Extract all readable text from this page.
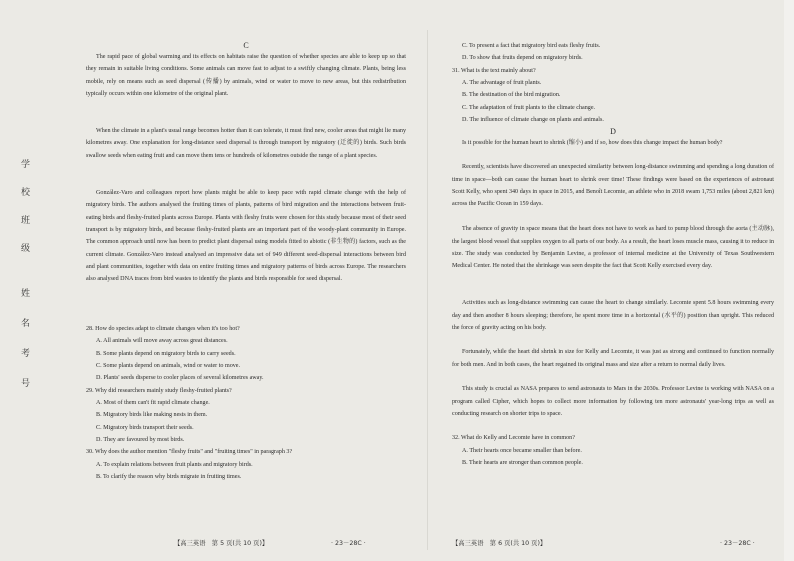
学
校
班
级
姓
名
考
号

C

The rapid pace of global warming and its effects on habitats raise the question of whether species are able to keep up so that they remain in suitable living conditions. Some animals can move fast to adjust to a swiftly changing climate. Plants, being less mobile, rely on means such as seed dispersal (传播) by animals, wind or water to move to new areas, but this redistribution typically occurs within one kilometre of the original plant.

When the climate in a plant's usual range becomes hotter than it can tolerate, it must find new, cooler areas that might lie many kilometres away. One explanation for long-distance seed dispersal is through transport by migratory (迁徙的) birds. Such birds swallow seeds when eating fruit and can move them tens or hundreds of kilometres outside the range of a plant species.

González-Varo and colleagues report how plants might be able to keep pace with rapid climate change with the help of migratory birds. The authors analysed the fruiting times of plants, patterns of bird migration and the interactions between fruit-eating birds and fleshy-fruited plants across Europe. Plants with fleshy fruits were chosen for this study because most of their seed transport is by migratory birds, and because fleshy-fruited plants are an important part of the woody-plant community in Europe. The common approach until now has been to predict plant dispersal using models fitted to abiotic (非生物的) factors, such as the current climate. González-Varo instead analysed an impressive data set of 949 different seed-dispersal interactions between bird and plant communities, together with data on entire fruiting times and migratory patterns of birds across Europe. The researchers also analysed DNA traces from bird wastes to identify the plants and birds responsible for seed dispersal.

28. How do species adapt to climate changes when it's too hot?

A. All animals will move away across great distances.

B. Some plants depend on migratory birds to carry seeds.

C. Some plants depend on animals, wind or water to move.

D. Plants' seeds disperse to cooler places of several kilometres away.

29. Why did researchers mainly study fleshy-fruited plants?

A. Most of them can't fit rapid climate change.

B. Migratory birds like making nests in them.

C. Migratory birds transport their seeds.

D. They are favoured by most birds.

30. Why does the author mention "fleshy fruits" and "fruiting times" in paragraph 3?

A. To explain relations between fruit plants and migratory birds.

B. To clarify the reason why birds migrate in fruiting times.

【高三英语　第 5 页(共 10 页)】	· 23－28C ·

C. To present a fact that migratory bird eats fleshy fruits.

D. To show that fruits depend on migratory birds.

31. What is the text mainly about?

A. The advantage of fruit plants.

B. The destination of the bird migration.

C. The adaptation of fruit plants to the climate change.

D. The influence of climate change on plants and animals.

D

Is it possible for the human heart to shrink (缩小) and if so, how does this change impact the human body?

Recently, scientists have discovered an unexpected similarity between long-distance swimming and spending a long duration of time in space—both can cause the human heart to shrink over time! These findings were based on the experiences of astronaut Scott Kelly, who spent 340 days in space in 2015, and Benoît Lecomte, an athlete who in 2018 swam 1,753 miles (about 2,821 km) across the Pacific Ocean in 159 days.

The absence of gravity in space means that the heart does not have to work as hard to pump blood through the aorta (主动脉), the largest blood vessel that supplies oxygen to all parts of our body. As a result, the heart loses muscle mass, causing it to reduce in size. The study was conducted by Benjamin Levine, a professor of internal medicine at the University of Texas Southwestern Medical Center. He noted that the shrinkage was seen despite the fact that Scott Kelly exercised every day.

Activities such as long-distance swimming can cause the heart to change similarly. Lecomte spent 5.8 hours swimming every day and then another 8 hours sleeping; therefore, he spent more time in a horizontal (水平的) position than upright. This reduced the force of gravity acting on his body.

Fortunately, while the heart did shrink in size for Kelly and Lecomte, it was just as strong and continued to function normally for both men. And in both cases, the heart regained its original mass and size after a return to normal daily lives.

This study is crucial as NASA prepares to send astronauts to Mars in the 2030s. Professor Levine is working with NASA on a program called Cipher, which hopes to collect more information by following ten more astronauts' year-long trips as well as conducting research on shorter trips to space.

32. What do Kelly and Lecomte have in common?

A. Their hearts once became smaller than before.

B. Their hearts are stronger than common people.

【高三英语　第 6 页(共 10 页)】	· 23－28C ·
